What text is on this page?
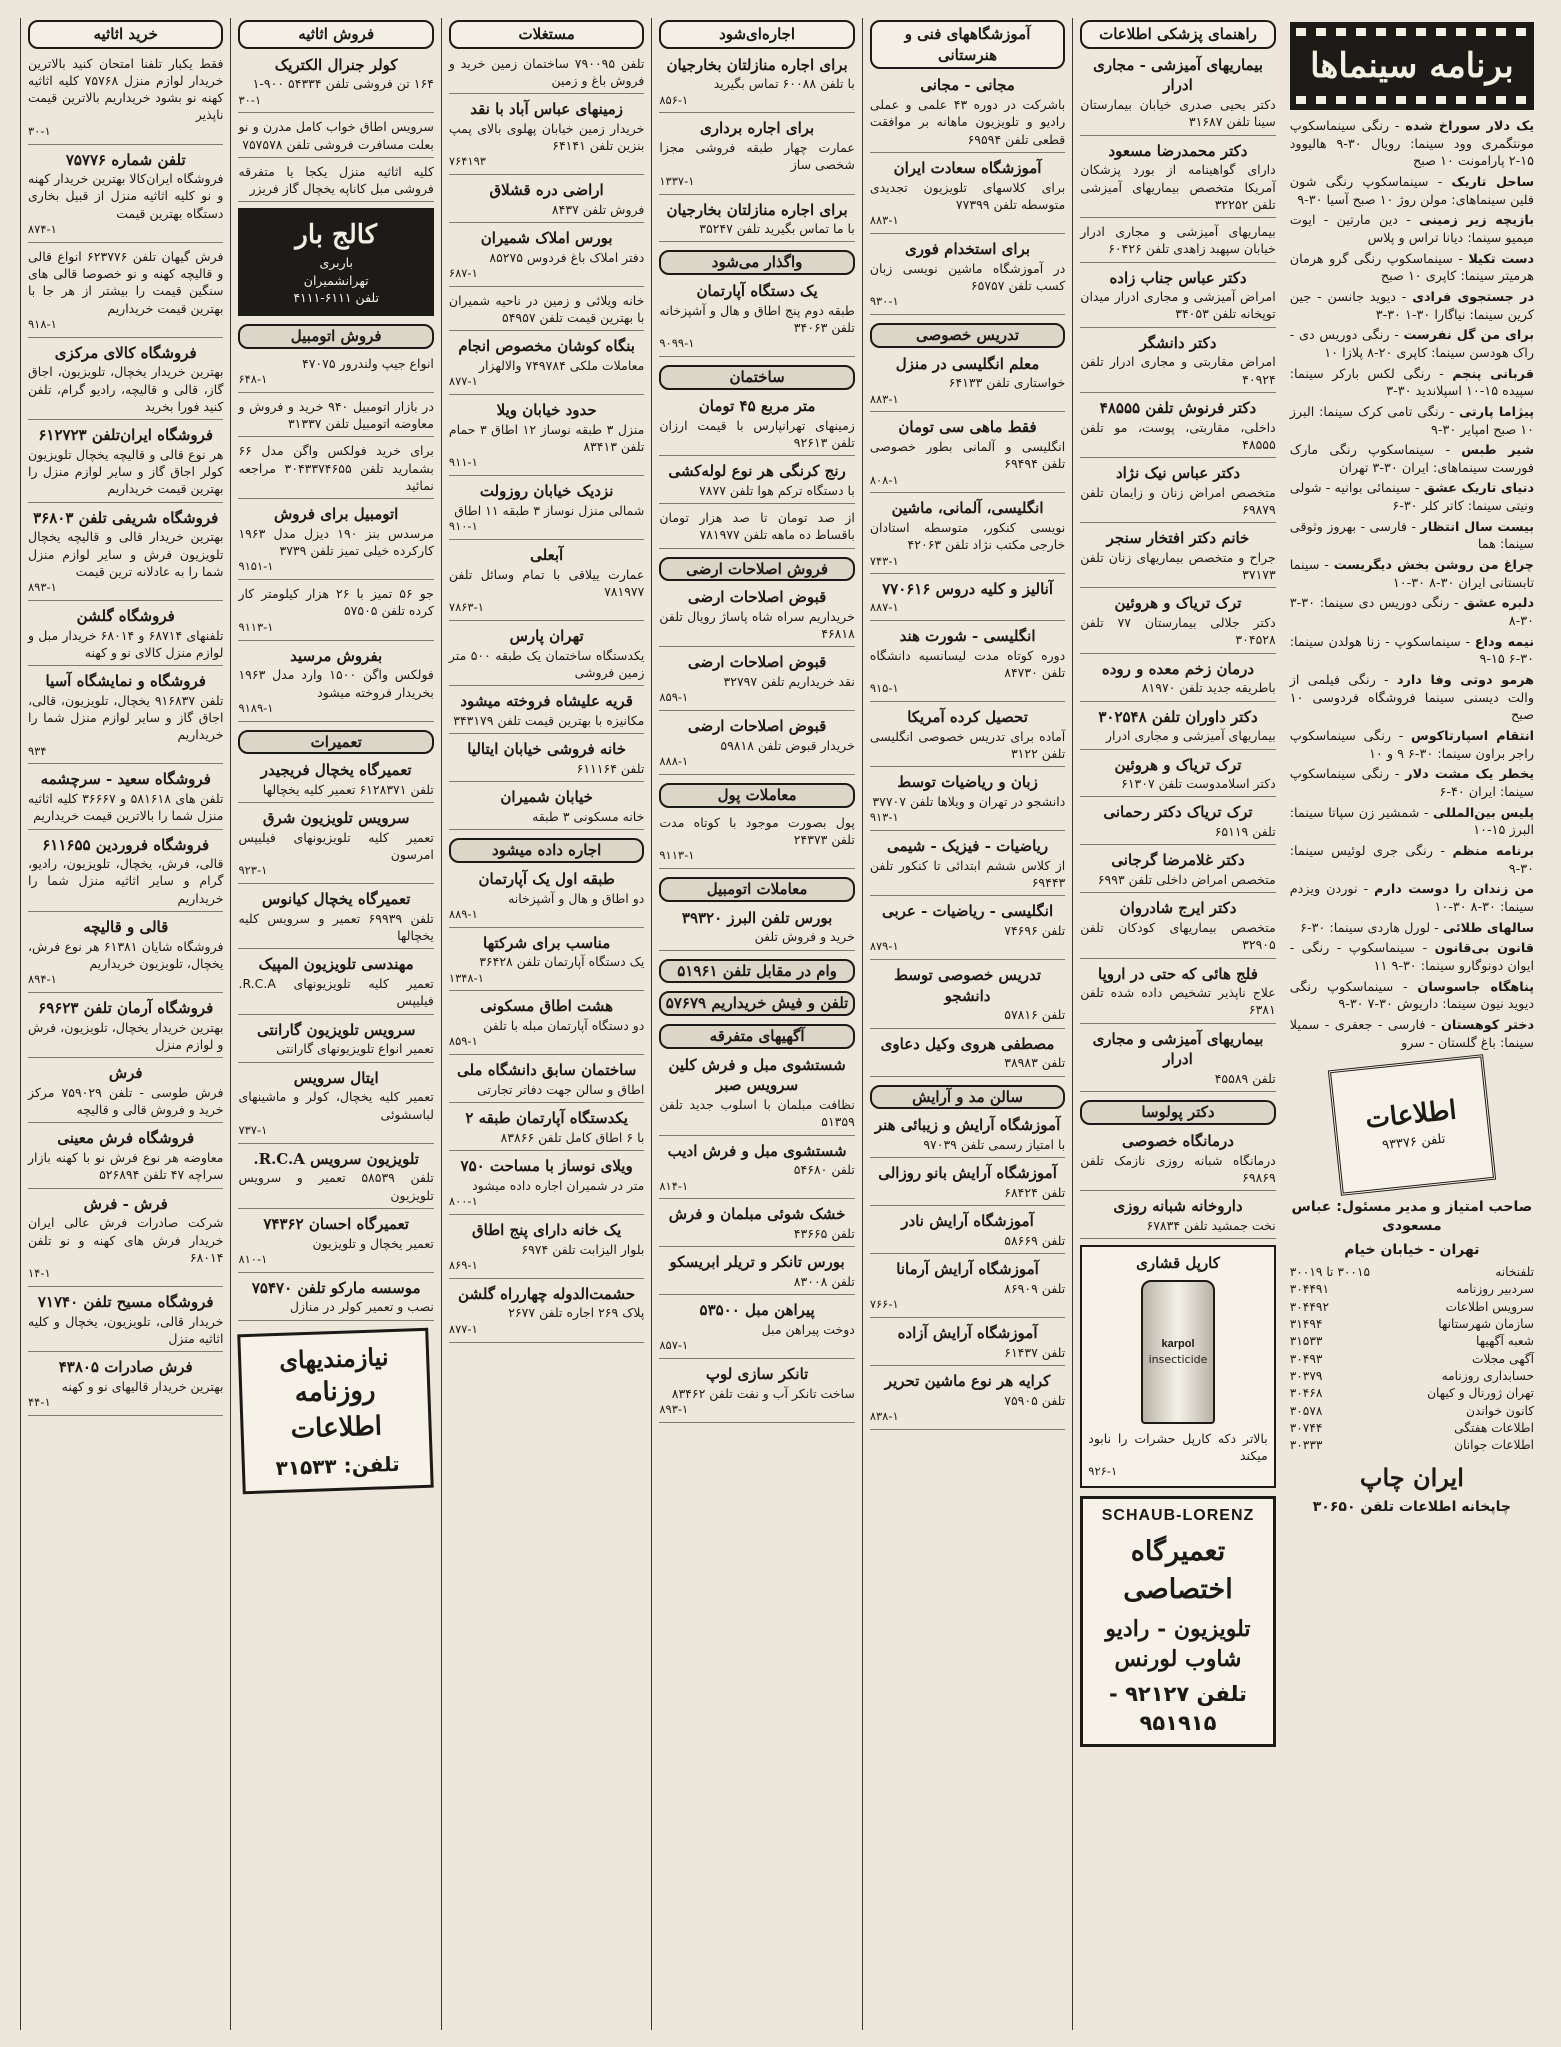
خرید اثاثیه
فقط یکبار تلفنا امتحان کنید بالاترین خریدار لوازم منزل ۷۵۷۶۸ کلیه اثاثیه کهنه نو بشود خریداریم بالاترین قیمت ناپذیر
۳۰-۱
تلفن شماره ۷۵۷۷۶
فروشگاه ایران‌کالا بهترین خریدار کهنه و نو کلیه اثاثیه منزل از قبیل بخاری دستگاه بهترین قیمت
۸۷۴-۱
فرش گیهان تلفن ۶۲۳۷۷۶ انواع قالی و قالیچه کهنه و نو خصوصا قالی های سنگین قیمت را بیشتر از هر جا با بهترین قیمت خریداریم
۹۱۸-۱
فروشگاه کالای مرکزی
بهترین خریدار یخچال، تلویزیون، اجاق گاز، قالی و قالیچه، رادیو گرام، تلفن کنید فورا بخرید
فروشگاه ایران‌تلفن ۶۱۲۷۲۳
هر نوع قالی و قالیچه یخچال تلویزیون کولر اجاق گاز و سایر لوازم منزل را بهترین قیمت خریداریم
فروشگاه شریفی تلفن ۳۶۸۰۳
بهترین خریدار قالی و قالیچه یخچال تلویزیون فرش و سایر لوازم منزل شما را به عادلانه ترین قیمت
۸۹۳-۱
فروشگاه گلشن
تلفنهای ۶۸۷۱۴ و ۶۸۰۱۴ خریدار مبل و لوازم منزل کالای نو و کهنه
فروشگاه و نمایشگاه آسیا
تلفن ۹۱۶۸۳۷ یخچال، تلویزیون، قالی، اجاق گاز و سایر لوازم منزل شما را خریداریم
۹۳۴
فروشگاه سعید - سرچشمه
تلفن های ۵۸۱۶۱۸ و ۳۶۶۶۷ کلیه اثاثیه منزل شما را بالاترین قیمت خریداریم
فروشگاه فروردین ۶۱۱۶۵۵
قالی، فرش، یخچال، تلویزیون، رادیو، گرام و سایر اثاثیه منزل شما را خریداریم
قالی و قالیچه
فروشگاه شایان ۶۱۳۸۱ هر نوع فرش، یخچال، تلویزیون خریداریم
۸۹۴-۱
فروشگاه آرمان تلفن ۶۹۶۲۳
بهترین خریدار یخچال، تلویزیون، فرش و لوازم منزل
فرش
فرش طوسی - تلفن ۷۵۹۰۲۹ مرکز خرید و فروش قالی و قالیچه
فروشگاه فرش معینی
معاوضه هر نوع فرش نو با کهنه بازار سراچه ۴۷ تلفن ۵۲۶۸۹۴
فرش - فرش
شرکت صادرات فرش عالی ایران خریدار فرش های کهنه و نو تلفن ۶۸۰۱۴
۱۴-۱
فروشگاه مسیح تلفن ۷۱۷۴۰
خریدار قالی، تلویزیون، یخچال و کلیه اثاثیه منزل
فرش صادرات ۴۳۸۰۵
بهترین خریدار قالیهای نو و کهنه
۴۴-۱
فروش اثاثیه
کولر جنرال الکتریک
۱۶۴ تن فروشی تلفن ۵۴۳۳۴ ۹۰۰-۱
۳۰-۱
سرویس اطاق خواب کامل مدرن و نو بعلت مسافرت فروشی تلفن ۷۵۷۵۷۸
کلیه اثاثیه منزل یکجا یا متفرقه فروشی مبل کاناپه یخچال گاز فریزر
کالج بار
باربری
تهرانشمیران
تلفن ۶۱۱۱-۴۱۱۱
فروش اتومبیل
انواع جیپ ولندرور ۴۷۰۷۵
۶۴۸-۱
در بازار اتومبیل ۹۴۰ خرید و فروش و معاوضه اتومبیل تلفن ۳۱۳۳۷
برای خرید فولکس واگن مدل ۶۶ بشمارید تلفن ۳۰۴۳۳۷۴۶۵۵ مراجعه نمائید
اتومبیل برای فروش
مرسدس بنز ۱۹۰ دیزل مدل ۱۹۶۳ کارکرده خیلی تمیز تلفن ۳۷۳۹
۹۱۵۱-۱
جو ۵۶ تمیز با ۲۶ هزار کیلومتر کار کرده تلفن ۵۷۵۰۵
۹۱۱۳-۱
بفروش مرسید
فولکس واگن ۱۵۰۰ وارد مدل ۱۹۶۳ بخریدار فروخته میشود
۹۱۸۹-۱
تعمیرات
تعمیرگاه یخچال فریجیدر
تلفن ۶۱۲۸۳۷۱ تعمیر کلیه یخچالها
سرویس تلویزیون شرق
تعمیر کلیه تلویزیونهای فیلیپس امرسون
۹۲۳-۱
تعمیرگاه یخچال کیانوس
تلفن ۶۹۹۳۹ تعمیر و سرویس کلیه یخچالها
مهندسی تلویزیون المپیک
تعمیر کلیه تلویزیونهای R.C.A. فیلیپس
سرویس تلویزیون گارانتی
تعمیر انواع تلویزیونهای گارانتی
ایتال سرویس
تعمیر کلیه یخچال، کولر و ماشینهای لباسشوئی
۷۳۷-۱
تلویزیون سرویس R.C.A.
تلفن ۵۸۵۳۹ تعمیر و سرویس تلویزیون
تعمیرگاه احسان ۷۴۳۶۲
تعمیر یخچال و تلویزیون
۸۱۰-۱
موسسه مارکو تلفن ۷۵۴۷۰
نصب و تعمیر کولر در منازل
نیازمندیهای
روزنامه اطلاعات
تلفن: ۳۱۵۳۳
مستغلات
تلفن ۷۹۰۰۹۵ ساختمان زمین خرید و فروش باغ و زمین
زمینهای عباس آباد با نقد
خریدار زمین خیابان پهلوی بالای پمپ بنزین تلفن ۶۴۱۴۱
۷۶۴۱۹۳
اراضی دره قشلاق
فروش تلفن ۸۴۳۷
بورس املاک شمیران
دفتر املاک باغ فردوس ۸۵۲۷۵
۶۸۷-۱
خانه ویلائی و زمین در ناحیه شمیران با بهترین قیمت تلفن ۵۴۹۵۷
بنگاه کوشان مخصوص انجام
معاملات ملکی ۷۴۹۷۸۴ والالهزار
۸۷۷-۱
حدود خیابان ویلا
منزل ۳ طبقه نوساز ۱۲ اطاق ۳ حمام تلفن ۸۳۴۱۳
۹۱۱-۱
نزدیک خیابان روزولت
شمالی منزل نوساز ۳ طبقه ۱۱ اطاق
۹۱۰-۱
آبعلی
عمارت ییلاقی با تمام وسائل تلفن ۷۸۱۹۷۷
۷۸۶۳-۱
تهران پارس
یکدستگاه ساختمان یک طبقه ۵۰۰ متر زمین فروشی
قریه علیشاه فروخته میشود
مکانیزه با بهترین قیمت تلفن ۳۴۳۱۷۹
خانه فروشی خیابان ایتالیا
تلفن ۶۱۱۱۶۴
خیابان شمیران
خانه مسکونی ۳ طبقه
اجاره داده میشود
طبقه اول یک آپارتمان
دو اطاق و هال و آشپزخانه
۸۸۹-۱
مناسب برای شرکتها
یک دستگاه آپارتمان تلفن ۳۶۴۲۸
۱۳۴۸-۱
هشت اطاق مسکونی
دو دستگاه آپارتمان مبله با تلفن
۸۵۹-۱
ساختمان سابق دانشگاه ملی
اطاق و سالن جهت دفاتر تجارتی
یکدستگاه آپارتمان طبقه ۲
با ۶ اطاق کامل تلفن ۸۳۸۶۶
ویلای نوساز با مساحت ۷۵۰
متر در شمیران اجاره داده میشود
۸۰۰-۱
یک خانه دارای پنج اطاق
بلوار الیزابت تلفن ۶۹۷۴
۸۶۹-۱
حشمت‌الدوله چهارراه گلشن
پلاک ۲۶۹ اجاره تلفن ۲۶۷۷
۸۷۷-۱
اجاره‌ای‌شود
برای اجاره منازلتان بخارجیان
با تلفن ۶۰۰۸۸ تماس بگیرید
۸۵۶-۱
برای اجاره برداری
عمارت چهار طبقه فروشی مجزا شخصی ساز
۱۳۳۷-۱
برای اجاره منازلتان بخارجیان
با ما تماس بگیرید تلفن ۳۵۲۴۷
واگذار می‌شود
یک دستگاه آپارتمان
طبقه دوم پنج اطاق و هال و آشپزخانه تلفن ۳۴۰۶۳
۹۰۹۹-۱
ساختمان
متر مربع ۴۵ تومان
زمینهای تهرانپارس با قیمت ارزان تلفن ۹۲۶۱۳
رنج کرنگی هر نوع لوله‌کشی
با دستگاه ترکم هوا تلفن ۷۸۷۷
از صد تومان تا صد هزار تومان باقساط ده ماهه تلفن ۷۸۱۹۷۷
فروش اصلاحات ارضی
قبوض اصلاحات ارضی
خریداریم سراه شاه پاساژ رویال تلفن ۴۶۸۱۸
قبوض اصلاحات ارضی
نقد خریداریم تلفن ۳۲۷۹۷
۸۵۹-۱
قبوض اصلاحات ارضی
خریدار قبوض تلفن ۵۹۸۱۸
۸۸۸-۱
معاملات پول
پول بصورت موجود با کوتاه مدت تلفن ۲۴۳۷۳
۹۱۱۳-۱
معاملات اتومبیل
بورس تلفن البرز ۳۹۳۲۰
خرید و فروش تلفن
وام در مقابل تلفن ۵۱۹۶۱
تلفن و فیش خریداریم ۵۷۶۷۹
آگهیهای متفرقه
شستشوی مبل و فرش کلین سرویس صبر
نظافت مبلمان با اسلوب جدید تلفن ۵۱۳۵۹
شستشوی مبل و فرش ادیب
تلفن ۵۴۶۸۰
۸۱۴-۱
خشک شوئی مبلمان و فرش
تلفن ۴۳۶۶۵
بورس تانکر و تریلر ابریسکو
تلفن ۸۳۰۰۸
پیراهن مبل ۵۳۵۰۰
دوخت پیراهن مبل
۸۵۷-۱
تانکر سازی لوپ
ساخت تانکر آب و نفت تلفن ۸۳۴۶۲
۸۹۳-۱
آموزشگاههای فنی و هنرستانی
مجانی - مجانی
باشرکت در دوره ۴۳ علمی و عملی رادیو و تلویزیون ماهانه بر موافقت قطعی تلفن ۶۹۵۹۴
آموزشگاه سعادت ایران
برای کلاسهای تلویزیون تجدیدی متوسطه تلفن ۷۷۳۹۹
۸۸۳-۱
برای استخدام فوری
در آموزشگاه ماشین نویسی زبان کسب تلفن ۶۵۷۵۷
۹۳۰-۱
تدریس خصوصی
معلم انگلیسی در منزل
خواستاری تلفن ۶۴۱۳۳
۸۸۳-۱
فقط ماهی سی تومان
انگلیسی و آلمانی بطور خصوصی تلفن ۶۹۴۹۴
۸۰۸-۱
انگلیسی، آلمانی، ماشین
نویسی کنکور، متوسطه استادان خارجی مکتب نژاد تلفن ۴۲۰۶۳
۷۴۳-۱
آنالیز و کلیه دروس ۷۷۰۶۱۶
۸۸۷-۱
انگلیسی - شورت هند
دوره کوتاه مدت لیسانسیه دانشگاه تلفن ۸۴۷۳۰
۹۱۵-۱
تحصیل کرده آمریکا
آماده برای تدریس خصوصی انگلیسی تلفن ۳۱۲۲
زبان و ریاضیات توسط
دانشجو در تهران و ویلاها تلفن ۳۷۷۰۷
۹۱۳-۱
ریاضیات - فیزیک - شیمی
از کلاس ششم ابتدائی تا کنکور تلفن ۶۹۴۴۳
انگلیسی - ریاضیات - عربی
تلفن ۷۴۶۹۶
۸۷۹-۱
تدریس خصوصی توسط دانشجو
تلفن ۵۷۸۱۶
مصطفی هروی وکیل دعاوی
تلفن ۳۸۹۸۳
سالن مد و آرایش
آموزشگاه آرایش و زیبائی هنر
با امتیاز رسمی تلفن ۹۷۰۳۹
آموزشگاه آرایش بانو روزالی
تلفن ۶۸۴۲۴
آموزشگاه آرایش نادر
تلفن ۵۸۶۶۹
آموزشگاه آرایش آرمانا
تلفن ۸۶۹۰۹
۷۶۶-۱
آموزشگاه آرایش آزاده
تلفن ۶۱۴۳۷
کرایه هر نوع ماشین تحریر
تلفن ۷۵۹۰۵
۸۳۸-۱
راهنمای پزشکی اطلاعات
بیماریهای آمیزشی - مجاری ادرار
دکتر یحیی صدری خیابان بیمارستان سینا تلفن ۳۱۶۸۷
دکتر محمدرضا مسعود
دارای گواهینامه از بورد پزشکان آمریکا متخصص بیماریهای آمیزشی تلفن ۳۲۲۵۲
بیماریهای آمیزشی و مجاری ادرار خیابان سپهبد زاهدی تلفن ۶۰۴۲۶
دکتر عباس جناب زاده
امراض آمیزشی و مجاری ادرار میدان توپخانه تلفن ۳۴۰۵۳
دکتر دانشگر
امراض مقاربتی و مجاری ادرار تلفن ۴۰۹۲۴
دکتر فرنوش تلفن ۴۸۵۵۵
داخلی، مقاربتی، پوست، مو تلفن ۴۸۵۵۵
دکتر عباس نیک نژاد
متخصص امراض زنان و زایمان تلفن ۶۹۸۷۹
خانم دکتر افتخار سنجر
جراح و متخصص بیماریهای زنان تلفن ۳۷۱۷۳
ترک تریاک و هروئین
دکتر جلالی بیمارستان ۷۷ تلفن ۳۰۴۵۲۸
درمان زخم معده و روده
باطریقه جدید تلفن ۸۱۹۷۰
دکتر داوران تلفن ۳۰۲۵۴۸
بیماریهای آمیزشی و مجاری ادرار
ترک تریاک و هروئین
دکتر اسلامدوست تلفن ۶۱۳۰۷
ترک تریاک دکتر رحمانی
تلفن ۶۵۱۱۹
دکتر غلامرضا گرجانی
متخصص امراض داخلی تلفن ۶۹۹۳
دکتر ایرج شادروان
متخصص بیماریهای کودکان تلفن ۳۲۹۰۵
فلج هائی که حتی در اروپا
علاج ناپذیر تشخیص داده شده تلفن ۶۳۸۱
بیماریهای آمیزشی و مجاری ادرار
تلفن ۴۵۵۸۹
دکتر پولوسا
درمانگاه خصوصی
درمانگاه شبانه روزی نازمک تلفن ۶۹۸۶۹
داروخانه شبانه روزی
نخت جمشید تلفن ۶۷۸۳۴
کارپل قشاری
karpol
insecticide
بالاتر دکه کارپل حشرات را نابود میکند
۹۲۶-۱
SCHAUB-LORENZ
تعمیرگاه اختصاصی
تلویزیون - رادیو
شاوب لورنس
تلفن ۹۲۱۲۷ - ۹۵۱۹۱۵
برنامه سینماها
یک دلار سوراخ شده - رنگی سینماسکوپ مونتگمری وود سینما: رویال ۳۰-۹ هالیوود ۱۵-۲ پارامونت ۱۰ صبح
ساحل تاریک - سینماسکوپ رنگی شون فلین سینماهای: مولن روژ ۱۰ صبح آسیا ۳۰-۹
بازیچه زیر زمینی - دین مارتین - ایوت میمیو سینما: دیانا تراس و پلاس
دست تکیلا - سینماسکوپ رنگی گرو هرمان هرمیتر سینما: کاپری ۱۰ صبح
در جستجوی فرادی - دیوید جانسن - جین کرین سینما: نیاگارا ۳۰-۱ ۳۰-۳
برای من گل نفرست - رنگی دوریس دی - راک هودسن سینما: کاپری ۲۰-۸ پلازا ۱۰
قربانی پنجم - رنگی لکس بارکر سینما: سپیده ۱۵-۱۰ اسپلاندید ۳۰-۳
پیژاما پارتی - رنگی تامی کرک سینما: البرز ۱۰ صبح امپایر ۳۰-۹
شیر طبس - سینماسکوپ رنگی مارک فورست سینماهای: ایران ۳۰-۳ تهران
دنیای تاریک عشق - سینمائی بوانیه - شولی ونیتی سینما: کاتر کلر ۳۰-۶
بیست سال انتظار - فارسی - بهروز وثوقی سینما: هما
چراغ من روشن بخش دیگریست - سینما تابستانی ایران ۳۰-۸ ۳۰-۱۰
دلبره عشق - رنگی دوریس دی سینما: ۳۰-۳ ۳۰-۸
نیمه وداع - سینماسکوپ - زنا هولدن سینما: ۳۰-۶ ۱۵-۹
هرمو دوتی وفا دارد - رنگی فیلمی از والت دیسنی سینما فروشگاه فردوسی ۱۰ صبح
انتقام اسپارتاکوس - رنگی سینماسکوپ راجر براون سینما: ۳۰-۶ ۹ و ۱۰
یخطر یک مشت دلار - رنگی سینماسکوپ سینما: ایران ۴۰-۶
پلیس بین‌المللی - شمشیر زن سپاتا سینما: البرز ۱۵-۱۰
برنامه منظم - رنگی جری لوئیس سینما: ۳۰-۹
من زندان را دوست دارم - نوردن ویزدم سینما: ۳۰-۸ ۳۰-۱۰
سالهای طلائی - لورل هاردی سینما: ۳۰-۶
قانون بی‌قانون - سینماسکوپ - رنگی - ایوان دونوگارو سینما: ۳۰-۹ ۱۱
پناهگاه جاسوسان - سینماسکوپ رنگی دیوید نیون سینما: داریوش ۳۰-۷ ۳۰-۹
دختر کوهستان - فارسی - جعفری - سمیلا سینما: باغ گلستان - سرو
اطلاعات
تلفن ۹۳۳۷۶
صاحب امتیاز و مدیر مسئول: عباس مسعودی
تهران - خیابان خیام
تلفنخانه
۳۰۰۱۵ تا ۳۰۰۱۹
سردبیر روزنامه
۳۰۴۴۹۱
سرویس اطلاعات
۳۰۴۴۹۲
سازمان شهرستانها
۳۱۴۹۴
شعبه آگهیها
۳۱۵۳۳
آگهی مجلات
۳۰۴۹۳
حسابداری روزنامه
۳۰۳۷۹
تهران ژورنال و کیهان
۳۰۴۶۸
کانون خواندن
۳۰۵۷۸
اطلاعات هفتگی
۳۰۷۴۴
اطلاعات جوانان
۳۰۳۳۳
ایران چاپ
چاپخانه اطلاعات تلفن ۳۰۶۵۰
